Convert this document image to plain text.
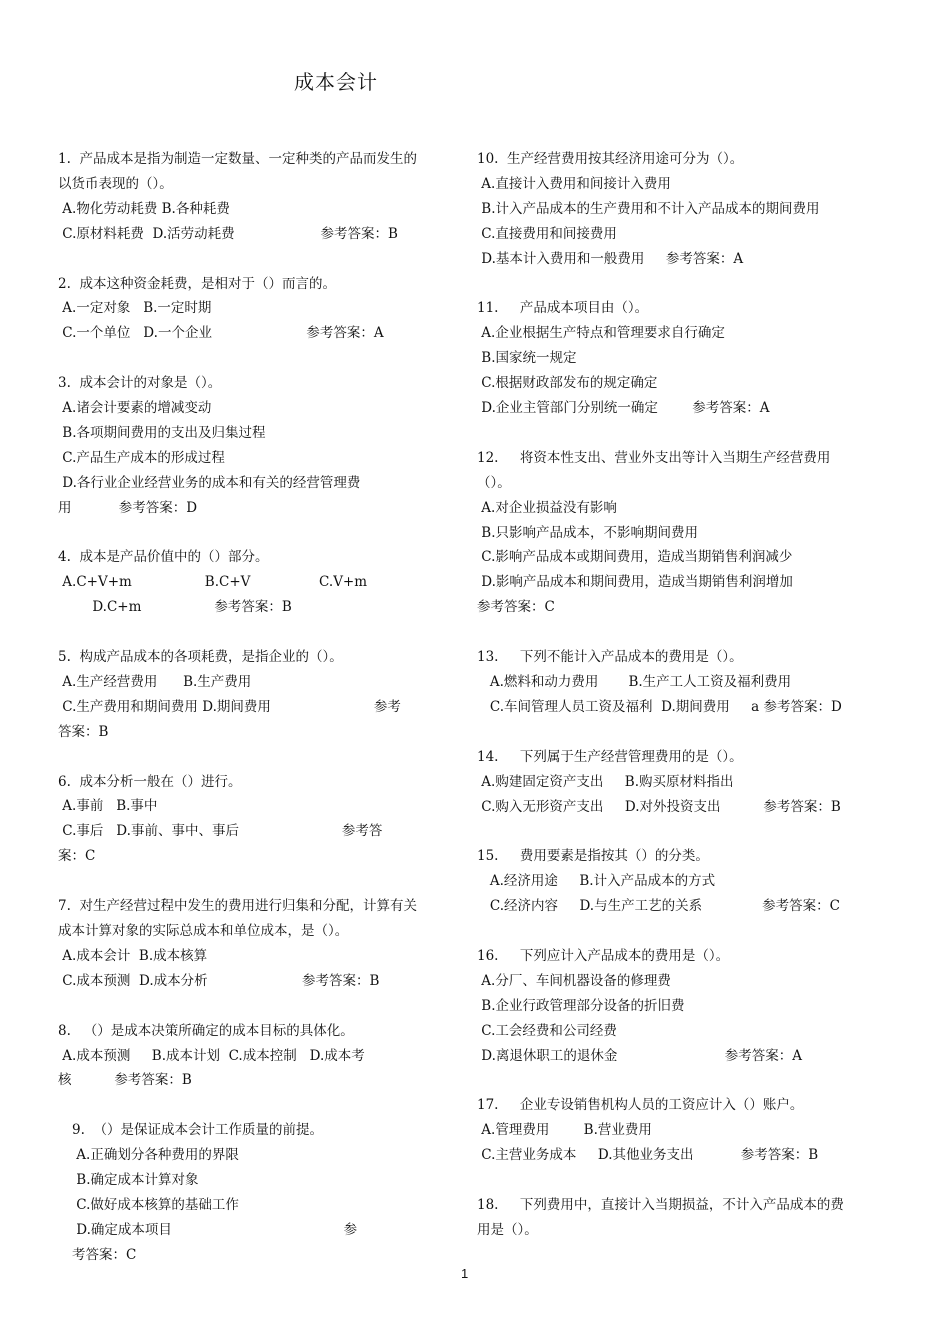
成本会计
1.  产品成本是指为制造一定数量、一定种类的产品而发生的
以货币表现的（）。
A.物化劳动耗费 B.各种耗费
C.原材料耗费  D.活劳动耗费                    参考答案：B
2.  成本这种资金耗费，是相对于（）而言的。
A.一定对象   B.一定时期
C.一个单位   D.一个企业                      参考答案：A
3.  成本会计的对象是（）。
A.诸会计要素的增减变动
B.各项期间费用的支出及归集过程
C.产品生产成本的形成过程
D.各行业企业经营业务的成本和有关的经营管理费
用           参考答案：D
4.  成本是产品价值中的（）部分。
A.C+V+m                 B.C+V                C.V+m
D.C+m                 参考答案：B
5.  构成产品成本的各项耗费，是指企业的（）。
A.生产经营费用      B.生产费用
C.生产费用和期间费用 D.期间费用                        参考
答案：B
6.  成本分析一般在（）进行。
A.事前   B.事中
C.事后   D.事前、事中、事后                        参考答
案：C
7.  对生产经营过程中发生的费用进行归集和分配，计算有关
成本计算对象的实际总成本和单位成本，是（）。
A.成本会计  B.成本核算
C.成本预测  D.成本分析                      参考答案：B
8.   （）是成本决策所确定的成本目标的具体化。
A.成本预测     B.成本计划  C.成本控制   D.成本考
核          参考答案：B
9.  （）是保证成本会计工作质量的前提。
A.正确划分各种费用的界限
B.确定成本计算对象
C.做好成本核算的基础工作
D.确定成本项目                                        参
考答案：C
10.  生产经营费用按其经济用途可分为（）。
A.直接计入费用和间接计入费用
B.计入产品成本的生产费用和不计入产品成本的期间费用
C.直接费用和间接费用
D.基本计入费用和一般费用     参考答案：A
11.     产品成本项目由（）。
A.企业根据生产特点和管理要求自行确定
B.国家统一规定
C.根据财政部发布的规定确定
D.企业主管部门分别统一确定        参考答案：A
12.     将资本性支出、营业外支出等计入当期生产经营费用
（）。
A.对企业损益没有影响
B.只影响产品成本，不影响期间费用
C.影响产品成本或期间费用，造成当期销售利润减少
D.影响产品成本和期间费用，造成当期销售利润增加
参考答案：C
13.     下列不能计入产品成本的费用是（）。
A.燃料和动力费用       B.生产工人工资及福利费用
C.车间管理人员工资及福利  D.期间费用     a 参考答案：D
14.     下列属于生产经营管理费用的是（）。
A.购建固定资产支出     B.购买原材料指出
C.购入无形资产支出     D.对外投资支出          参考答案：B
15.     费用要素是指按其（）的分类。
A.经济用途     B.计入产品成本的方式
C.经济内容     D.与生产工艺的关系              参考答案：C
16.     下列应计入产品成本的费用是（）。
A.分厂、车间机器设备的修理费
B.企业行政管理部分设备的折旧费
C.工会经费和公司经费
D.离退休职工的退休金                         参考答案：A
17.     企业专设销售机构人员的工资应计入（）账户。
A.管理费用        B.营业费用
C.主营业务成本     D.其他业务支出           参考答案：B
18.     下列费用中，直接计入当期损益，不计入产品成本的费
用是（）。
1
